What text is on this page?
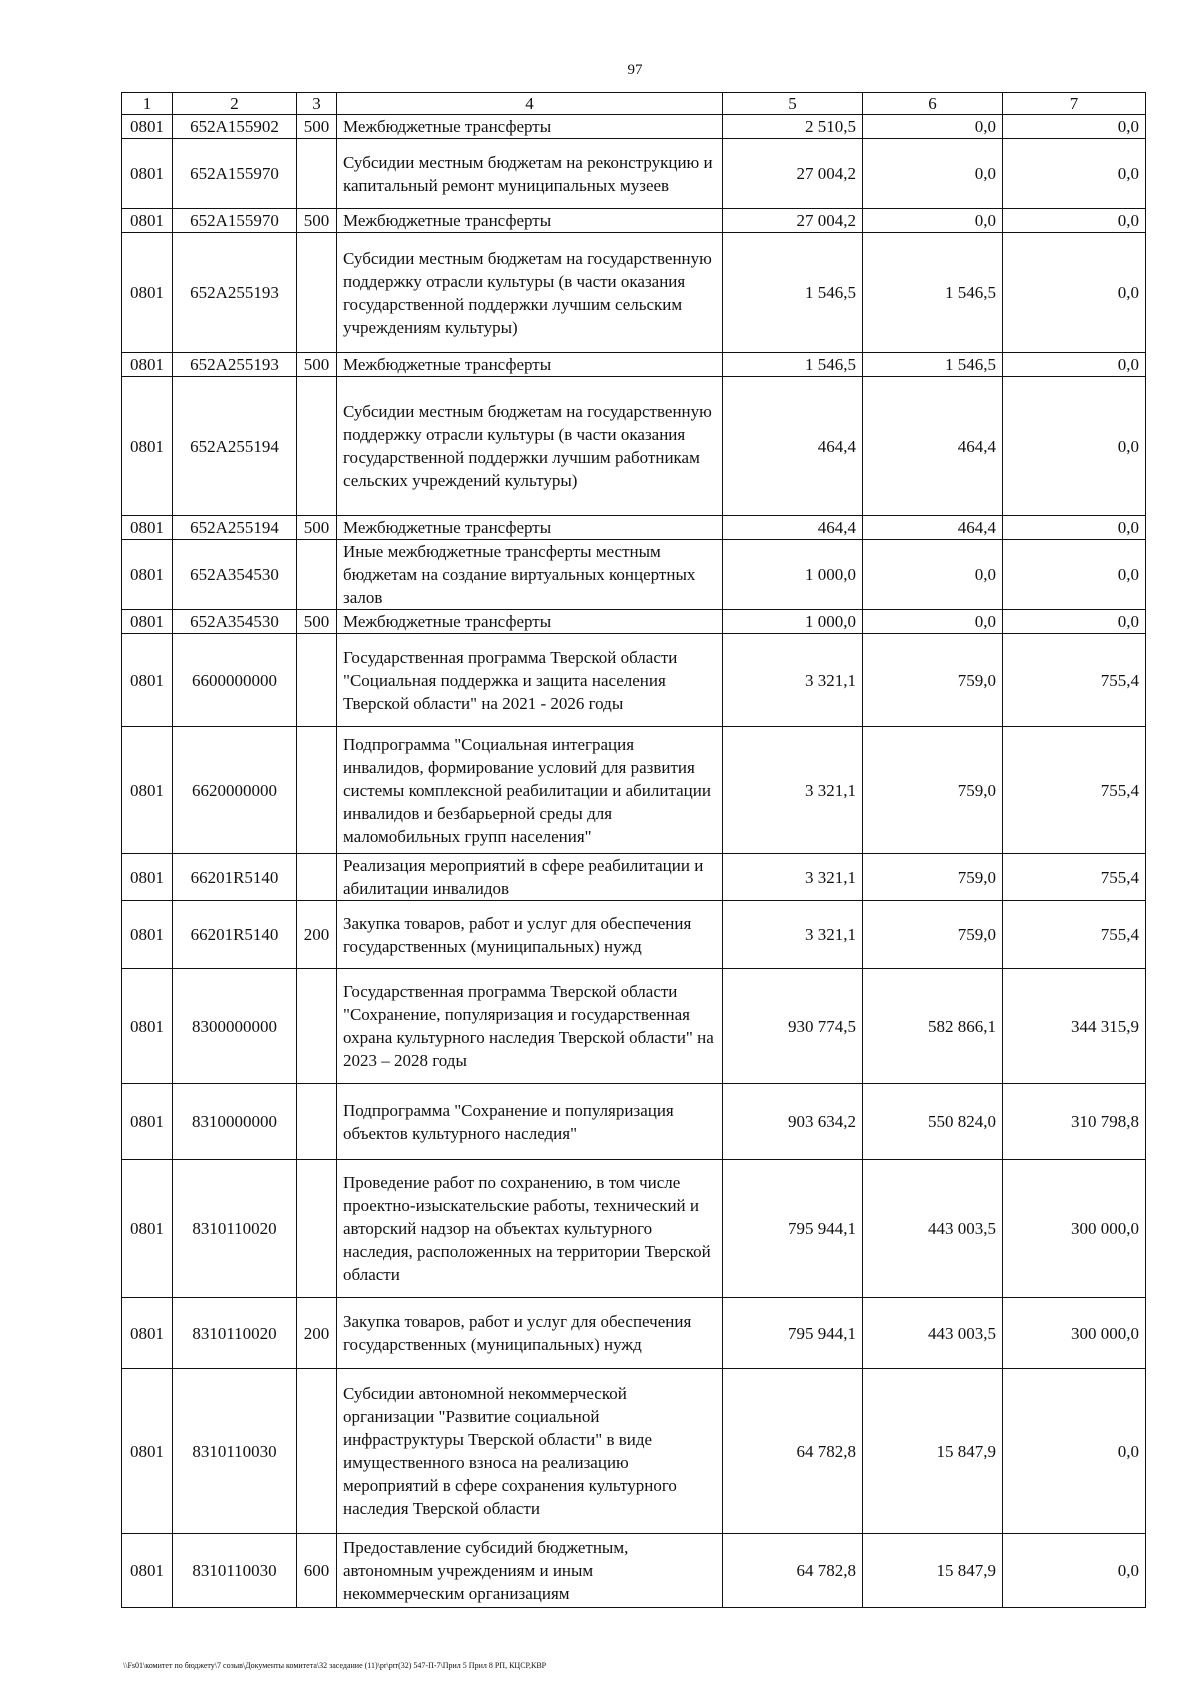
97
1	2	3	4	5	6	7
0801	652A155902	500	Межбюджетные трансферты	2 510,5	0,0	0,0
0801	652A155970		Субсидии местным бюджетам на реконструкцию и капитальный ремонт муниципальных музеев	27 004,2	0,0	0,0
0801	652A155970	500	Межбюджетные трансферты	27 004,2	0,0	0,0
0801	652A255193		Субсидии местным бюджетам на государственную поддержку отрасли культуры (в части оказания государственной поддержки лучшим сельским учреждениям культуры)	1 546,5	1 546,5	0,0
0801	652A255193	500	Межбюджетные трансферты	1 546,5	1 546,5	0,0
0801	652A255194		Субсидии местным бюджетам на государственную поддержку отрасли культуры (в части оказания государственной поддержки лучшим работникам сельских учреждений культуры)	464,4	464,4	0,0
0801	652A255194	500	Межбюджетные трансферты	464,4	464,4	0,0
0801	652A354530		Иные межбюджетные трансферты местным бюджетам на создание виртуальных концертных залов	1 000,0	0,0	0,0
0801	652A354530	500	Межбюджетные трансферты	1 000,0	0,0	0,0
0801	6600000000		Государственная программа Тверской области "Социальная поддержка и защита населения Тверской области" на 2021 - 2026 годы	3 321,1	759,0	755,4
0801	6620000000		Подпрограмма "Социальная интеграция инвалидов, формирование условий для развития системы комплексной реабилитации и абилитации инвалидов и безбарьерной среды для маломобильных групп населения"	3 321,1	759,0	755,4
0801	66201R5140		Реализация мероприятий в сфере реабилитации и абилитации инвалидов	3 321,1	759,0	755,4
0801	66201R5140	200	Закупка товаров, работ и услуг для обеспечения государственных (муниципальных) нужд	3 321,1	759,0	755,4
0801	8300000000		Государственная программа Тверской области "Сохранение, популяризация и государственная охрана культурного наследия Тверской области" на 2023 – 2028 годы	930 774,5	582 866,1	344 315,9
0801	8310000000		Подпрограмма "Сохранение и популяризация объектов культурного наследия"	903 634,2	550 824,0	310 798,8
0801	8310110020		Проведение работ по сохранению, в том числе проектно-изыскательские работы, технический и авторский надзор на объектах культурного наследия, расположенных на территории Тверской области	795 944,1	443 003,5	300 000,0
0801	8310110020	200	Закупка товаров, работ и услуг для обеспечения государственных (муниципальных) нужд	795 944,1	443 003,5	300 000,0
0801	8310110030		Субсидии автономной некоммерческой организации "Развитие социальной инфраструктуры Тверской области" в виде имущественного взноса на реализацию мероприятий в сфере сохранения культурного наследия Тверской области	64 782,8	15 847,9	0,0
0801	8310110030	600	Предоставление субсидий бюджетным, автономным учреждениям и иным некоммерческим организациям	64 782,8	15 847,9	0,0
\\Fs01\комитет по бюджету\7 созыв\Документы комитета\32 заседание (11)\pr\prr(32) 547-П-7\Прил 5 Прил 8 РП, КЦСР,КВР
